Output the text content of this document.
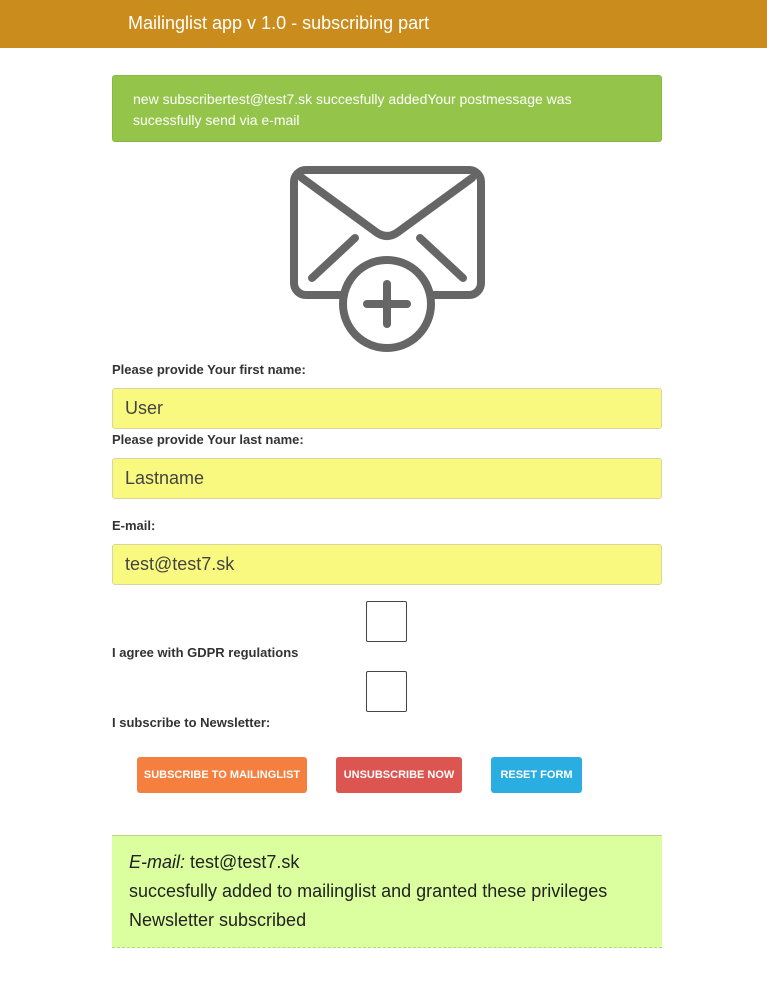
Mailinglist app v 1.0 - subscribing part
new subscribertest@test7.sk succesfully addedYour postmessage was
sucessfully send via e-mail
Please provide Your first name:
User
Please provide Your last name:
Lastname
E-mail:
test@test7.sk
I agree with GDPR regulations
I subscribe to Newsletter:
SUBSCRIBE TO MAILINGLIST	UNSUBSCRIBE NOW	RESET FORM
E-mail: test@test7.sk
succesfully added to mailinglist and granted these privileges
Newsletter subscribed
